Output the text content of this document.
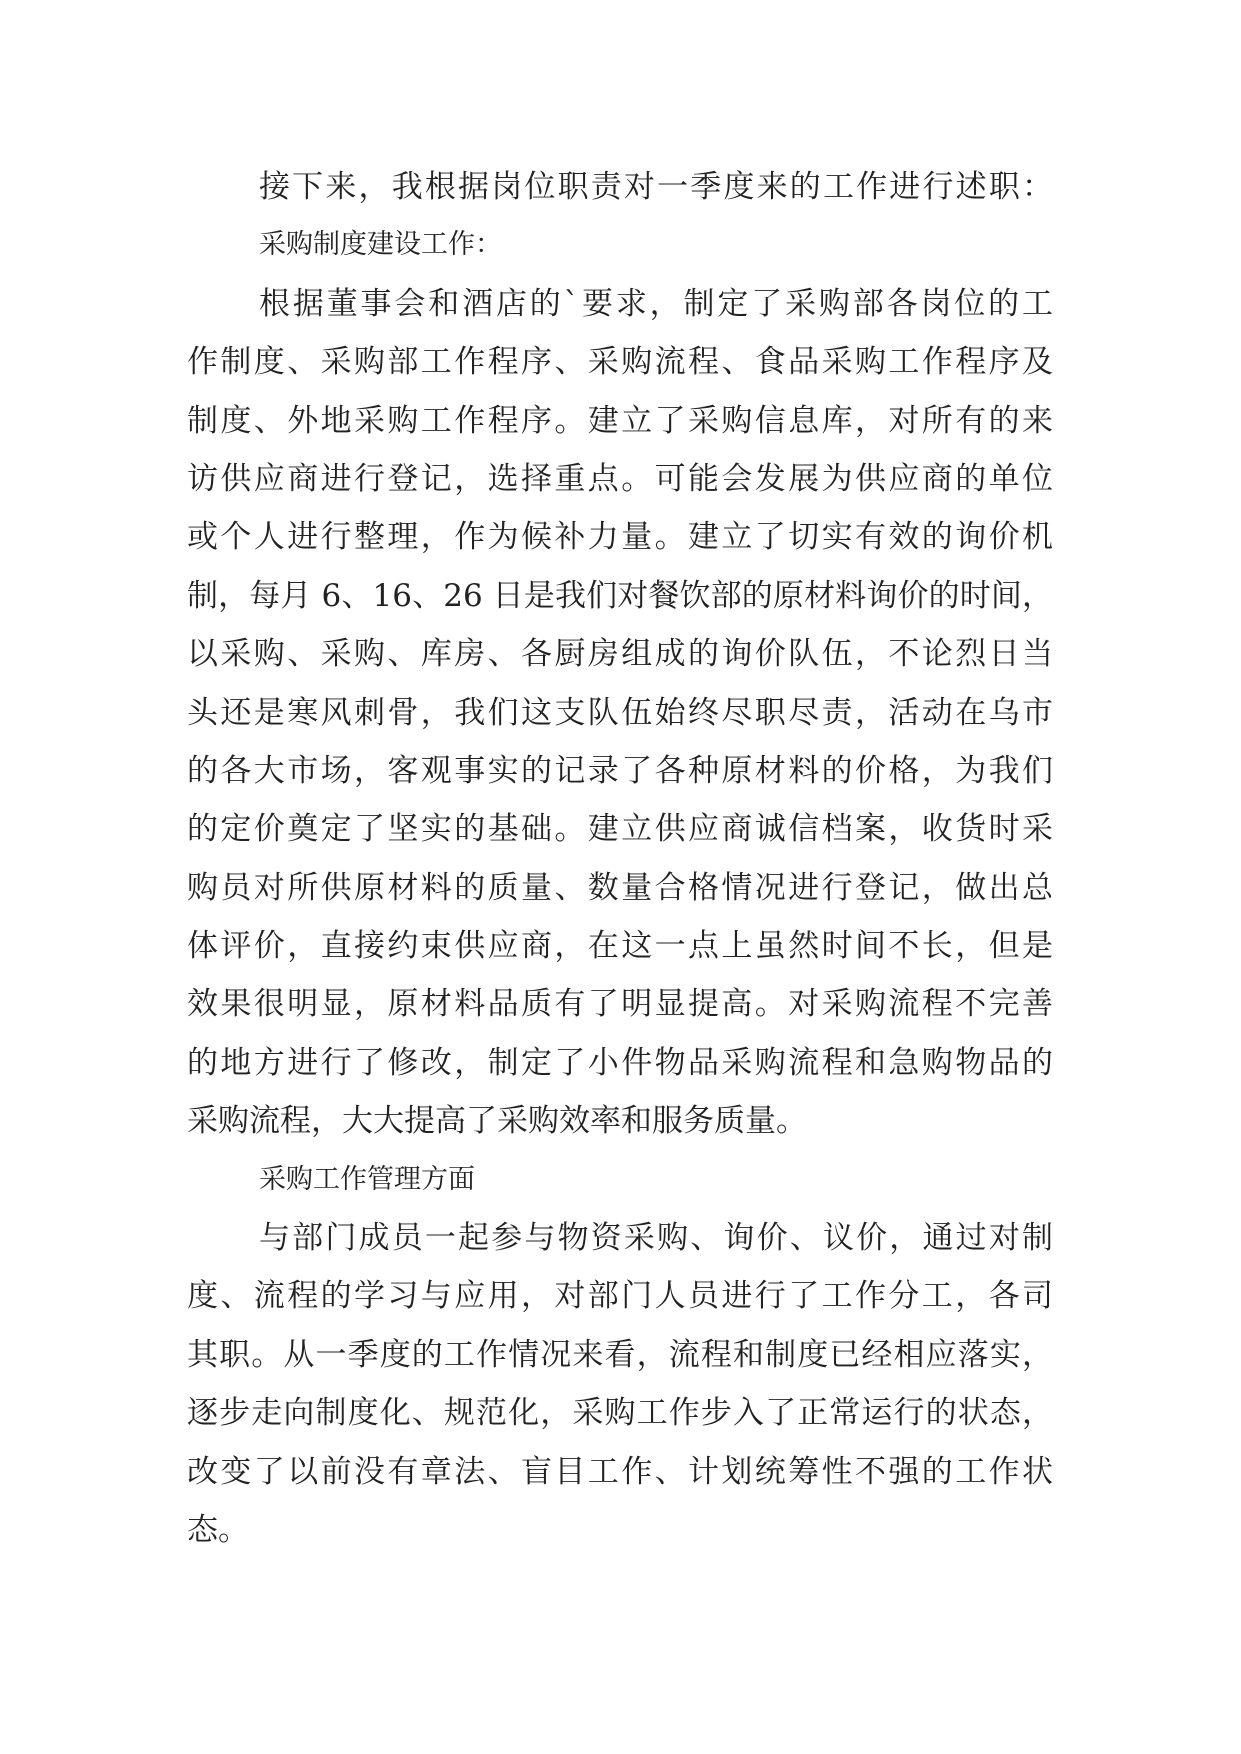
接下来，我根据岗位职责对一季度来的工作进行述职：
采购制度建设工作：
根据董事会和酒店的`要求，制定了采购部各岗位的工
作制度、采购部工作程序、采购流程、食品采购工作程序及
制度、外地采购工作程序。建立了采购信息库，对所有的来
访供应商进行登记，选择重点。可能会发展为供应商的单位
或个人进行整理，作为候补力量。建立了切实有效的询价机
制，每月 6、16、26 日是我们对餐饮部的原材料询价的时间，
以采购、采购、库房、各厨房组成的询价队伍，不论烈日当
头还是寒风刺骨，我们这支队伍始终尽职尽责，活动在乌市
的各大市场，客观事实的记录了各种原材料的价格，为我们
的定价奠定了坚实的基础。建立供应商诚信档案，收货时采
购员对所供原材料的质量、数量合格情况进行登记，做出总
体评价，直接约束供应商，在这一点上虽然时间不长，但是
效果很明显，原材料品质有了明显提高。对采购流程不完善
的地方进行了修改，制定了小件物品采购流程和急购物品的
采购流程，大大提高了采购效率和服务质量。
采购工作管理方面
与部门成员一起参与物资采购、询价、议价，通过对制
度、流程的学习与应用，对部门人员进行了工作分工，各司
其职。从一季度的工作情况来看，流程和制度已经相应落实，
逐步走向制度化、规范化，采购工作步入了正常运行的状态，
改变了以前没有章法、盲目工作、计划统筹性不强的工作状
态。
